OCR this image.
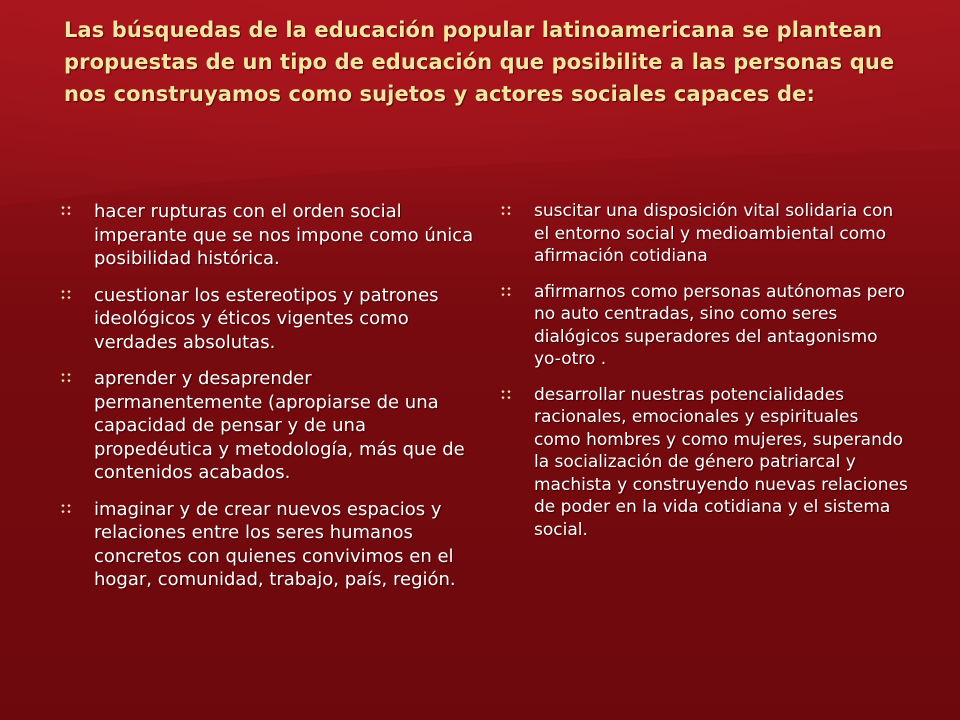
Las búsquedas de la educación popular latinoamericana se plantean propuestas de un tipo de educación que posibilite a las personas que nos construyamos como sujetos y actores sociales capaces de:
hacer rupturas con el orden social imperante que se nos impone como única posibilidad histórica.
cuestionar los estereotipos y patrones ideológicos y éticos vigentes como verdades absolutas.
aprender y desaprender permanentemente (apropiarse de una capacidad de pensar y de una propedéutica y metodología, más que de contenidos acabados.
imaginar y de crear nuevos espacios y relaciones entre los seres humanos concretos con quienes convivimos en el hogar, comunidad, trabajo, país, región.
suscitar una disposición vital solidaria con el entorno social y medioambiental como afirmación cotidiana
afirmarnos como personas autónomas pero no auto centradas, sino como seres dialógicos superadores del antagonismo yo-otro .
desarrollar nuestras potencialidades racionales, emocionales y espirituales como hombres y como mujeres, superando la socialización de género patriarcal y machista y construyendo nuevas relaciones de poder en la vida cotidiana y el sistema social.
